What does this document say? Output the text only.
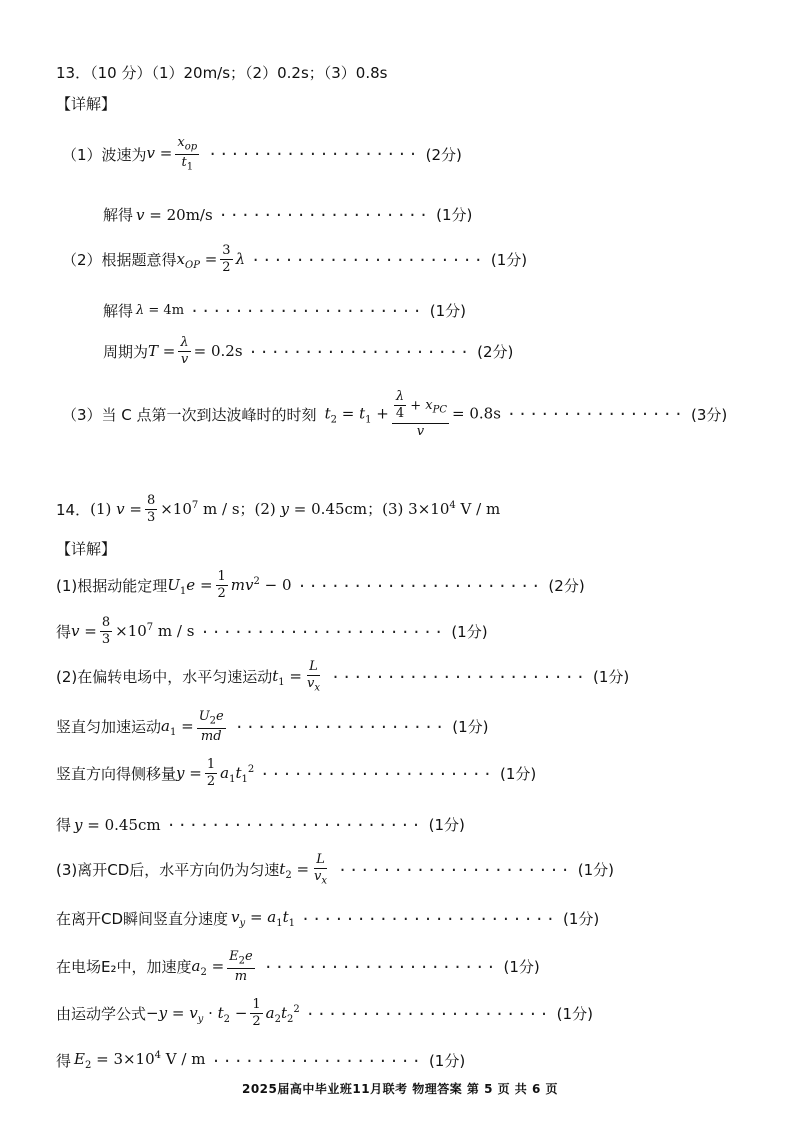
13．（10 分）（1）20m/s；（2）0.2s；（3）0.8s
【详解】
（1）波速为 $v = \frac{x_{op}}{t_1}$ ··················· (2分)
解得 v = 20m/s ··················· (1分)
（2）根据题意得 $x_{OP} = \frac{3}{2}$ λ ····················· (1分)
解得 λ = 4m ····················· (1分)
周期为 $T = \frac{\lambda}{v} = 0.2s$ ···················· (2分)
（3）当 C 点第一次到达波峰时的时刻 $t_2 = t_1 + \frac{\frac{\lambda}{4} + x_{PC}}{v} = 0.8s$ ················ (3分)
14． (1) $v = \frac{8}{3} \times 10^7$ m / s；(2) y = 0.45cm；(3) $3\times 10^4$ V / m
【详解】
(1)根据动能定理 $U_1e = \frac{1}{2} mv^2 - 0$ ······················ (2分)
得 $v = \frac{8}{3} \times 10^7$ m / s ······················ (1分)
(2)在偏转电场中，水平匀速运动 $t_1 = \frac{L}{v_x}$ ······················· (1分)
竖直匀加速运动 $a_1 = \frac{U_2e}{md}$ ··················· (1分)
竖直方向得侧移量 $y = \frac{1}{2} a_1t_1^2$ ····················· (1分)
得 y = 0.45cm ······················· (1分)
(3)离开CD后，水平方向仍为匀速 $t_2 = \frac{L}{v_x}$ ····················· (1分)
在离开CD瞬间竖直分速度 $v_y = a_1t_1$ ······················· (1分)
在电场E₂中，加速度 $a_2 = \frac{E_2e}{m}$ ····················· (1分)
由运动学公式 $-y = v_y \cdot t_2 - \frac{1}{2} a_2t_2^2$ ······················ (1分)
得 $E_2 = 3\times 10^4$ V / m ··················· (1分)
2025届高中毕业班11月联考 物理答案 第 5 页 共 6 页
